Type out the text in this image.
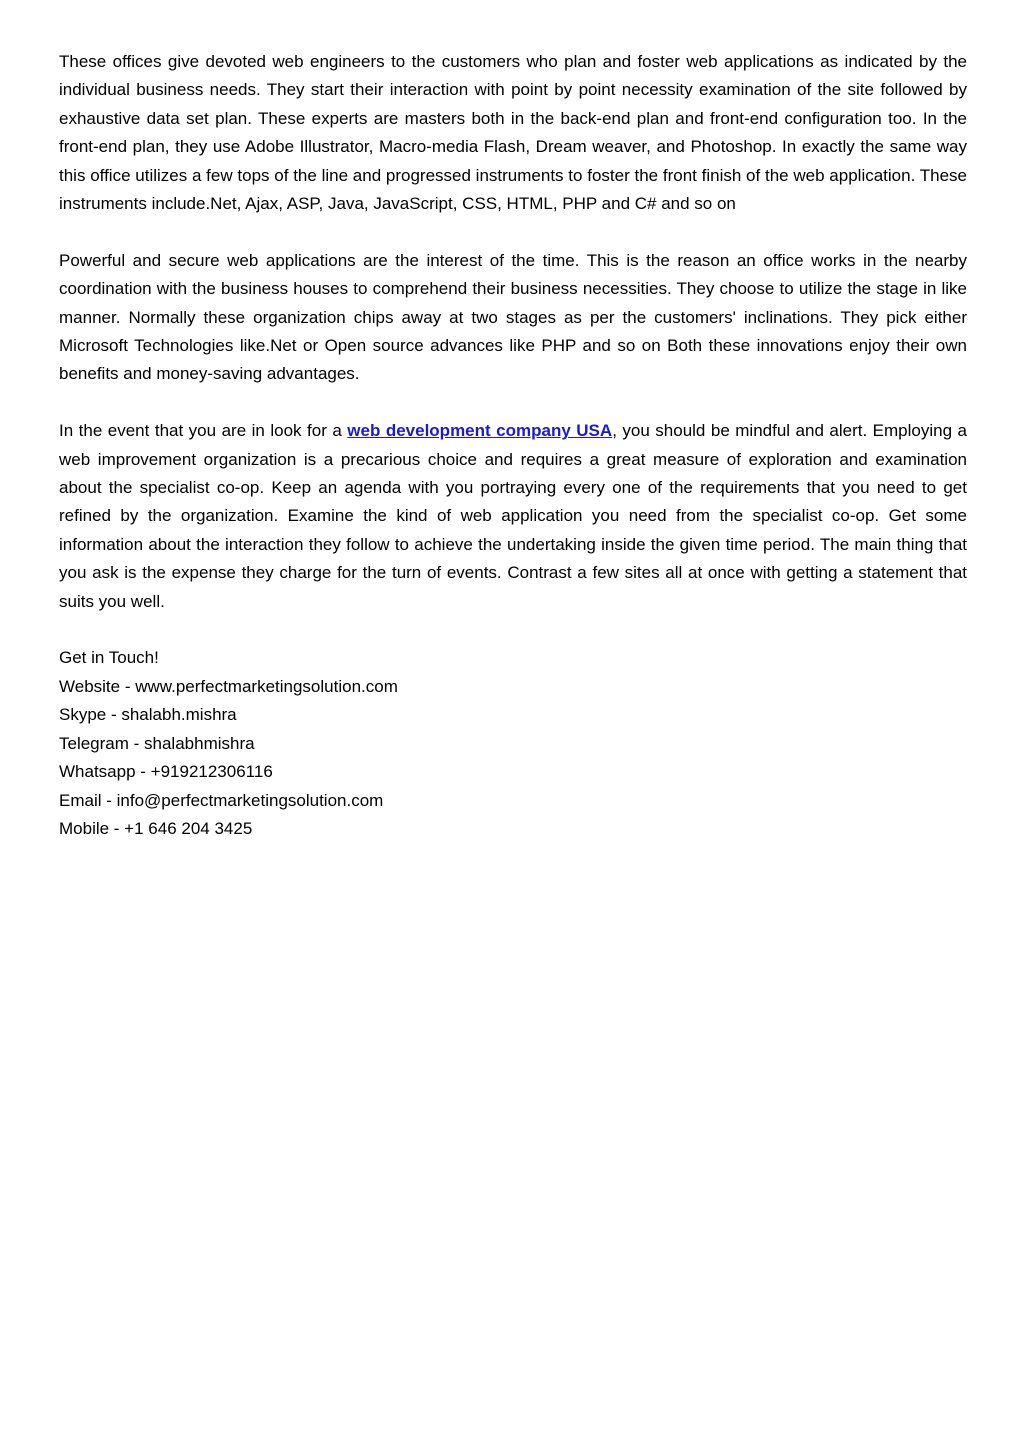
These offices give devoted web engineers to the customers who plan and foster web applications as indicated by the individual business needs. They start their interaction with point by point necessity examination of the site followed by exhaustive data set plan. These experts are masters both in the back-end plan and front-end configuration too. In the front-end plan, they use Adobe Illustrator, Macro-media Flash, Dream weaver, and Photoshop. In exactly the same way this office utilizes a few tops of the line and progressed instruments to foster the front finish of the web application. These instruments include.Net, Ajax, ASP, Java, JavaScript, CSS, HTML, PHP and C# and so on

Powerful and secure web applications are the interest of the time. This is the reason an office works in the nearby coordination with the business houses to comprehend their business necessities. They choose to utilize the stage in like manner. Normally these organization chips away at two stages as per the customers' inclinations. They pick either Microsoft Technologies like.Net or Open source advances like PHP and so on Both these innovations enjoy their own benefits and money-saving advantages.

In the event that you are in look for a web development company USA, you should be mindful and alert. Employing a web improvement organization is a precarious choice and requires a great measure of exploration and examination about the specialist co-op. Keep an agenda with you portraying every one of the requirements that you need to get refined by the organization. Examine the kind of web application you need from the specialist co-op. Get some information about the interaction they follow to achieve the undertaking inside the given time period. The main thing that you ask is the expense they charge for the turn of events. Contrast a few sites all at once with getting a statement that suits you well.

Get in Touch!
Website - www.perfectmarketingsolution.com
Skype - shalabh.mishra
Telegram - shalabhmishra
Whatsapp - +919212306116
Email - info@perfectmarketingsolution.com
Mobile - +1 646 204 3425
